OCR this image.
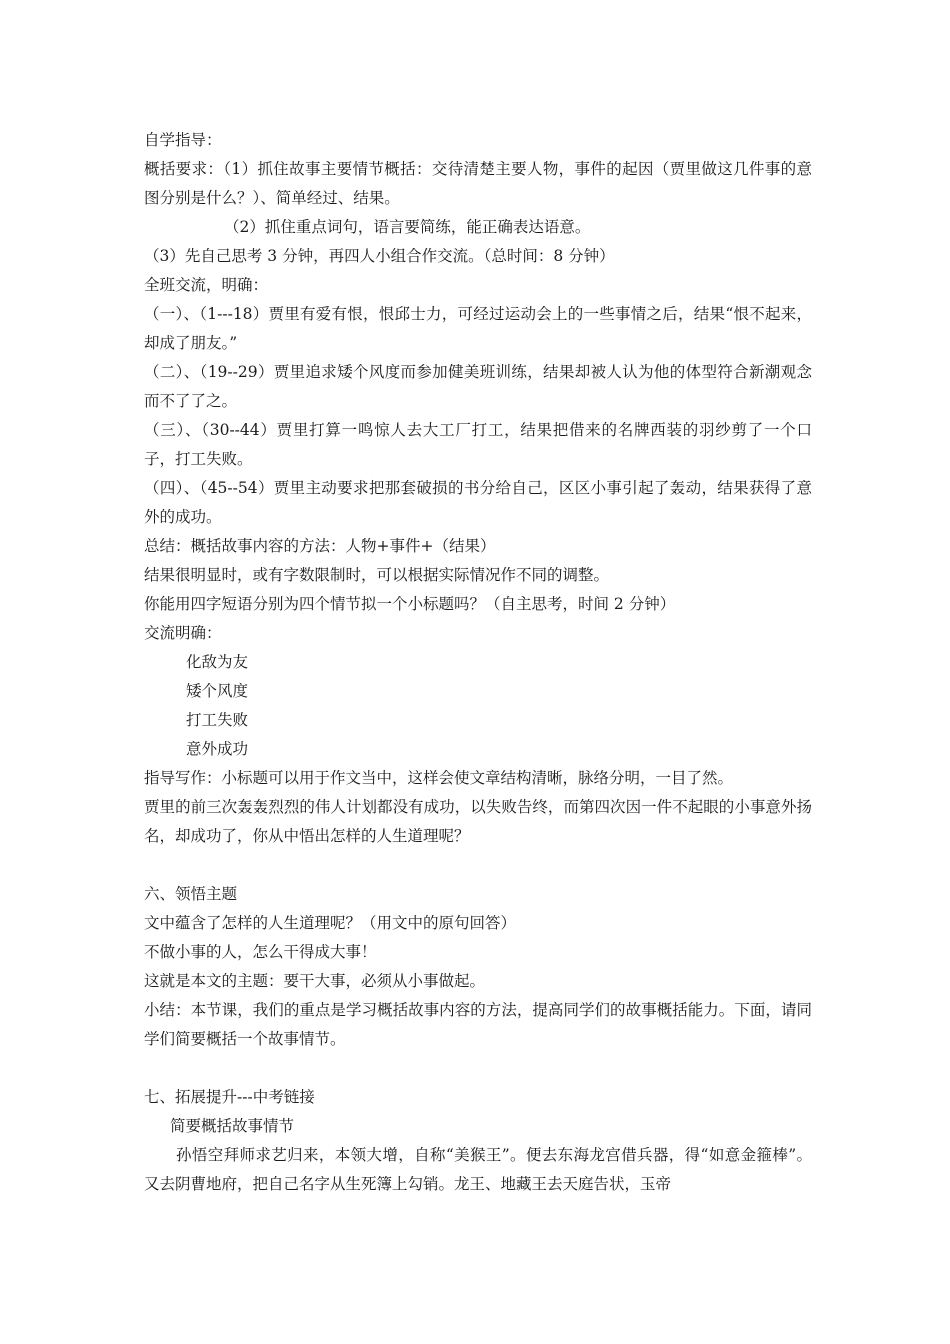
自学指导：
概括要求：（1）抓住故事主要情节概括：交待清楚主要人物，事件的起因（贾里做这几件事的意图分别是什么？）、简单经过、结果。
（2）抓住重点词句，语言要简练，能正确表达语意。
（3）先自己思考 3 分钟，再四人小组合作交流。（总时间：8 分钟）
全班交流，明确：
（一）、（1---18）贾里有爱有恨，恨邱士力，可经过运动会上的一些事情之后，结果“恨不起来，却成了朋友。”
（二）、（19--29）贾里追求矮个风度而参加健美班训练，结果却被人认为他的体型符合新潮观念而不了了之。
（三）、（30--44）贾里打算一鸣惊人去大工厂打工，结果把借来的名牌西装的羽纱剪了一个口子，打工失败。
（四）、（45--54）贾里主动要求把那套破损的书分给自己，区区小事引起了轰动，结果获得了意外的成功。
总结：概括故事内容的方法：人物+事件+（结果）
结果很明显时，或有字数限制时，可以根据实际情况作不同的调整。
你能用四字短语分别为四个情节拟一个小标题吗？（自主思考，时间 2 分钟）
交流明确：
化敌为友
矮个风度
打工失败
意外成功
指导写作：小标题可以用于作文当中，这样会使文章结构清晰，脉络分明，一目了然。
贾里的前三次轰轰烈烈的伟人计划都没有成功，以失败告终，而第四次因一件不起眼的小事意外扬名，却成功了，你从中悟出怎样的人生道理呢？
六、领悟主题
文中蕴含了怎样的人生道理呢？（用文中的原句回答）
不做小事的人，怎么干得成大事！
这就是本文的主题：要干大事，必须从小事做起。
小结：本节课，我们的重点是学习概括故事内容的方法，提高同学们的故事概括能力。下面，请同学们简要概括一个故事情节。
七、拓展提升---中考链接
简要概括故事情节
孙悟空拜师求艺归来，本领大增，自称“美猴王”。便去东海龙宫借兵器，得“如意金箍棒”。又去阴曹地府，把自己名字从生死簿上勾销。龙王、地藏王去天庭告状，玉帝
